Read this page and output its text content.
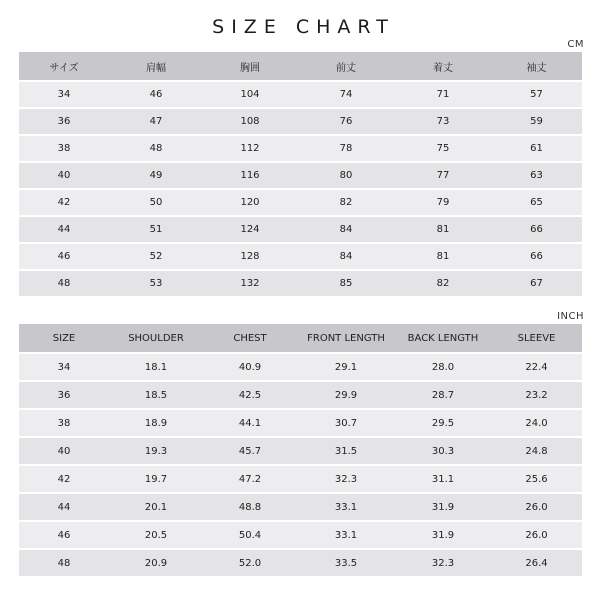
SIZE CHART
CM
サイズ	肩幅	胸囲	前丈	着丈	袖丈
34	46	104	74	71	57
36	47	108	76	73	59
38	48	112	78	75	61
40	49	116	80	77	63
42	50	120	82	79	65
44	51	124	84	81	66
46	52	128	84	81	66
48	53	132	85	82	67
INCH
SIZE	SHOULDER	CHEST	FRONT LENGTH	BACK LENGTH	SLEEVE
34	18.1	40.9	29.1	28.0	22.4
36	18.5	42.5	29.9	28.7	23.2
38	18.9	44.1	30.7	29.5	24.0
40	19.3	45.7	31.5	30.3	24.8
42	19.7	47.2	32.3	31.1	25.6
44	20.1	48.8	33.1	31.9	26.0
46	20.5	50.4	33.1	31.9	26.0
48	20.9	52.0	33.5	32.3	26.4
